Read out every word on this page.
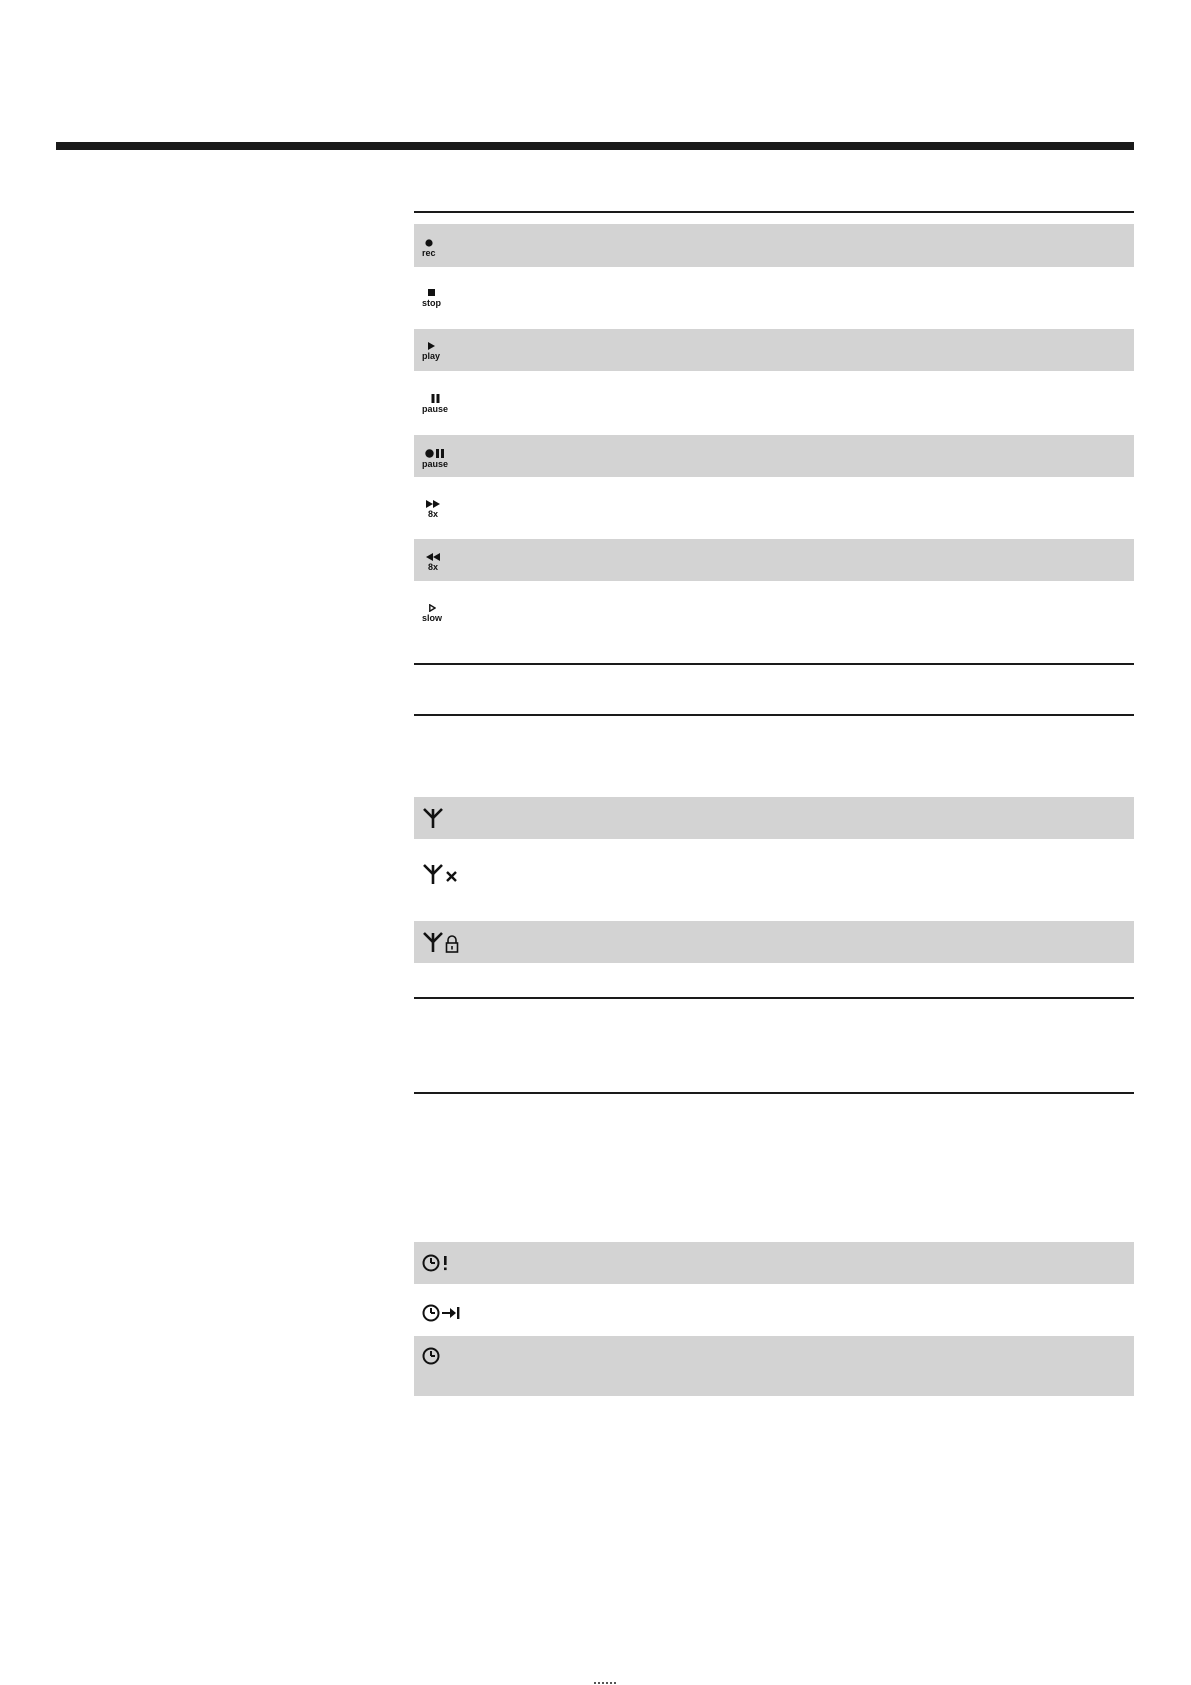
rec
stop
play
pause
pause
8x
8x
slow
